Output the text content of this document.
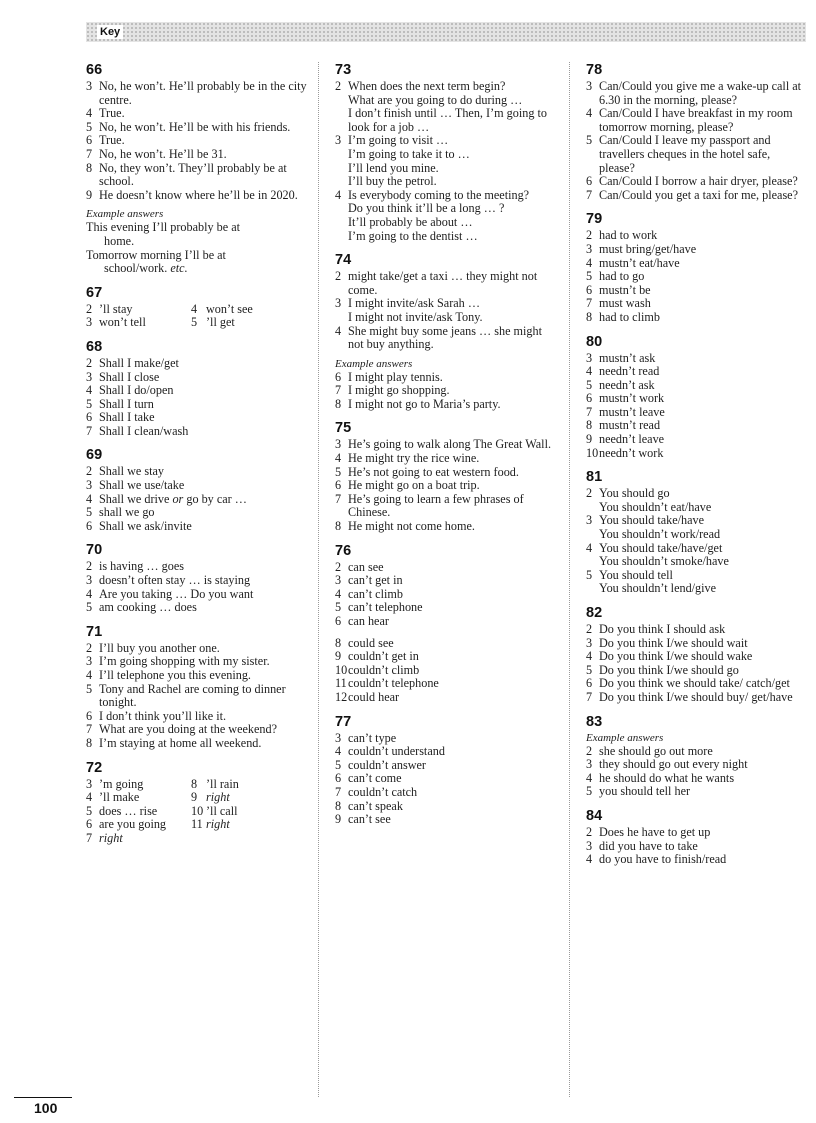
Key
66
3 No, he won’t. He’ll probably be in the city centre.
4 True.
5 No, he won’t. He’ll be with his friends.
6 True.
7 No, he won’t. He’ll be 31.
8 No, they won’t. They’ll probably be at school.
9 He doesn’t know where he’ll be in 2020.
Example answers
This evening I’ll probably be at
home.
Tomorrow morning I’ll be at
school/work. etc.
67
2 ’ll stay	4 won’t see
3 won’t tell	5 ’ll get
68
2 Shall I make/get
3 Shall I close
4 Shall I do/open
5 Shall I turn
6 Shall I take
7 Shall I clean/wash
69
2 Shall we stay
3 Shall we use/take
4 Shall we drive or go by car …
5 shall we go
6 Shall we ask/invite
70
2 is having … goes
3 doesn’t often stay … is staying
4 Are you taking … Do you want
5 am cooking … does
71
2 I’ll buy you another one.
3 I’m going shopping with my sister.
4 I’ll telephone you this evening.
5 Tony and Rachel are coming to dinner tonight.
6 I don’t think you’ll like it.
7 What are you doing at the weekend?
8 I’m staying at home all weekend.
72
3 ’m going	8 ’ll rain
4 ’ll make	9 right
5 does … rise	10 ’ll call
6 are you going	11 right
7 right
73
2 When does the next term begin?
What are you going to do during …
I don’t finish until … Then, I’m going to look for a job …
3 I’m going to visit …
I’m going to take it to …
I’ll lend you mine.
I’ll buy the petrol.
4 Is everybody coming to the meeting?
Do you think it’ll be a long … ?
It’ll probably be about …
I’m going to the dentist …
74
2 might take/get a taxi … they might not come.
3 I might invite/ask Sarah …
I might not invite/ask Tony.
4 She might buy some jeans … she might not buy anything.
Example answers
6 I might play tennis.
7 I might go shopping.
8 I might not go to Maria’s party.
75
3 He’s going to walk along The Great Wall.
4 He might try the rice wine.
5 He’s not going to eat western food.
6 He might go on a boat trip.
7 He’s going to learn a few phrases of Chinese.
8 He might not come home.
76
2 can see
3 can’t get in
4 can’t climb
5 can’t telephone
6 can hear
8 could see
9 couldn’t get in
10 couldn’t climb
11 couldn’t telephone
12 could hear
77
3 can’t type
4 couldn’t understand
5 couldn’t answer
6 can’t come
7 couldn’t catch
8 can’t speak
9 can’t see
78
3 Can/Could you give me a wake-up call at 6.30 in the morning, please?
4 Can/Could I have breakfast in my room tomorrow morning, please?
5 Can/Could I leave my passport and travellers cheques in the hotel safe, please?
6 Can/Could I borrow a hair dryer, please?
7 Can/Could you get a taxi for me, please?
79
2 had to work
3 must bring/get/have
4 mustn’t eat/have
5 had to go
6 mustn’t be
7 must wash
8 had to climb
80
3 mustn’t ask
4 needn’t read
5 needn’t ask
6 mustn’t work
7 mustn’t leave
8 mustn’t read
9 needn’t leave
10 needn’t work
81
2 You should go
You shouldn’t eat/have
3 You should take/have
You shouldn’t work/read
4 You should take/have/get
You shouldn’t smoke/have
5 You should tell
You shouldn’t lend/give
82
2 Do you think I should ask
3 Do you think I/we should wait
4 Do you think I/we should wake
5 Do you think I/we should go
6 Do you think we should take/ catch/get
7 Do you think I/we should buy/ get/have
83
Example answers
2 she should go out more
3 they should go out every night
4 he should do what he wants
5 you should tell her
84
2 Does he have to get up
3 did you have to take
4 do you have to finish/read
100
